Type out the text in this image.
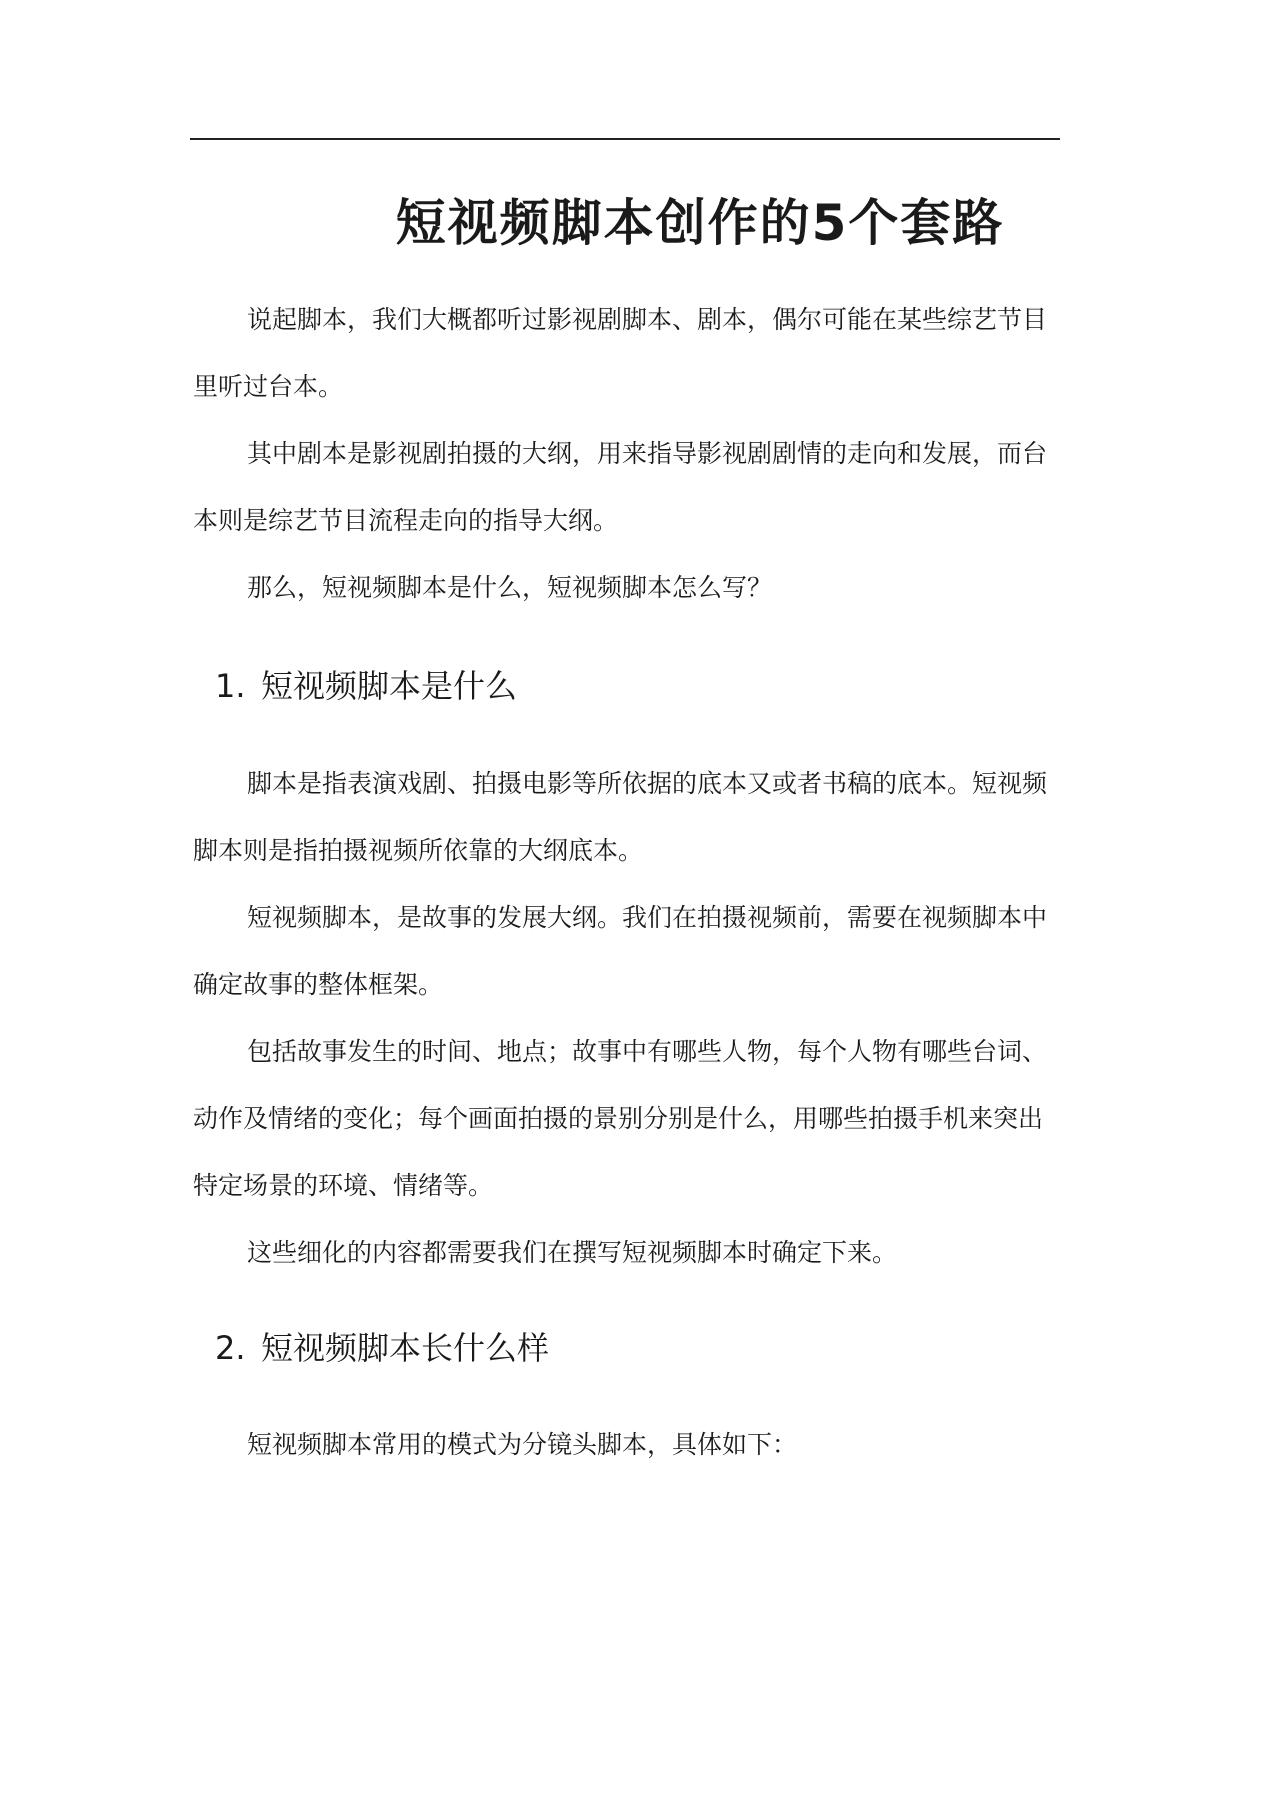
短视频脚本创作的5个套路

说起脚本，我们大概都听过影视剧脚本、剧本，偶尔可能在某些综艺节目
里听过台本。

其中剧本是影视剧拍摄的大纲，用来指导影视剧剧情的走向和发展，而台
本则是综艺节目流程走向的指导大纲。

那么，短视频脚本是什么，短视频脚本怎么写？

1. 短视频脚本是什么

脚本是指表演戏剧、拍摄电影等所依据的底本又或者书稿的底本。短视频
脚本则是指拍摄视频所依靠的大纲底本。

短视频脚本，是故事的发展大纲。我们在拍摄视频前，需要在视频脚本中
确定故事的整体框架。

包括故事发生的时间、地点；故事中有哪些人物，每个人物有哪些台词、
动作及情绪的变化；每个画面拍摄的景别分别是什么，用哪些拍摄手机来突出
特定场景的环境、情绪等。

这些细化的内容都需要我们在撰写短视频脚本时确定下来。

2. 短视频脚本长什么样

短视频脚本常用的模式为分镜头脚本，具体如下：
